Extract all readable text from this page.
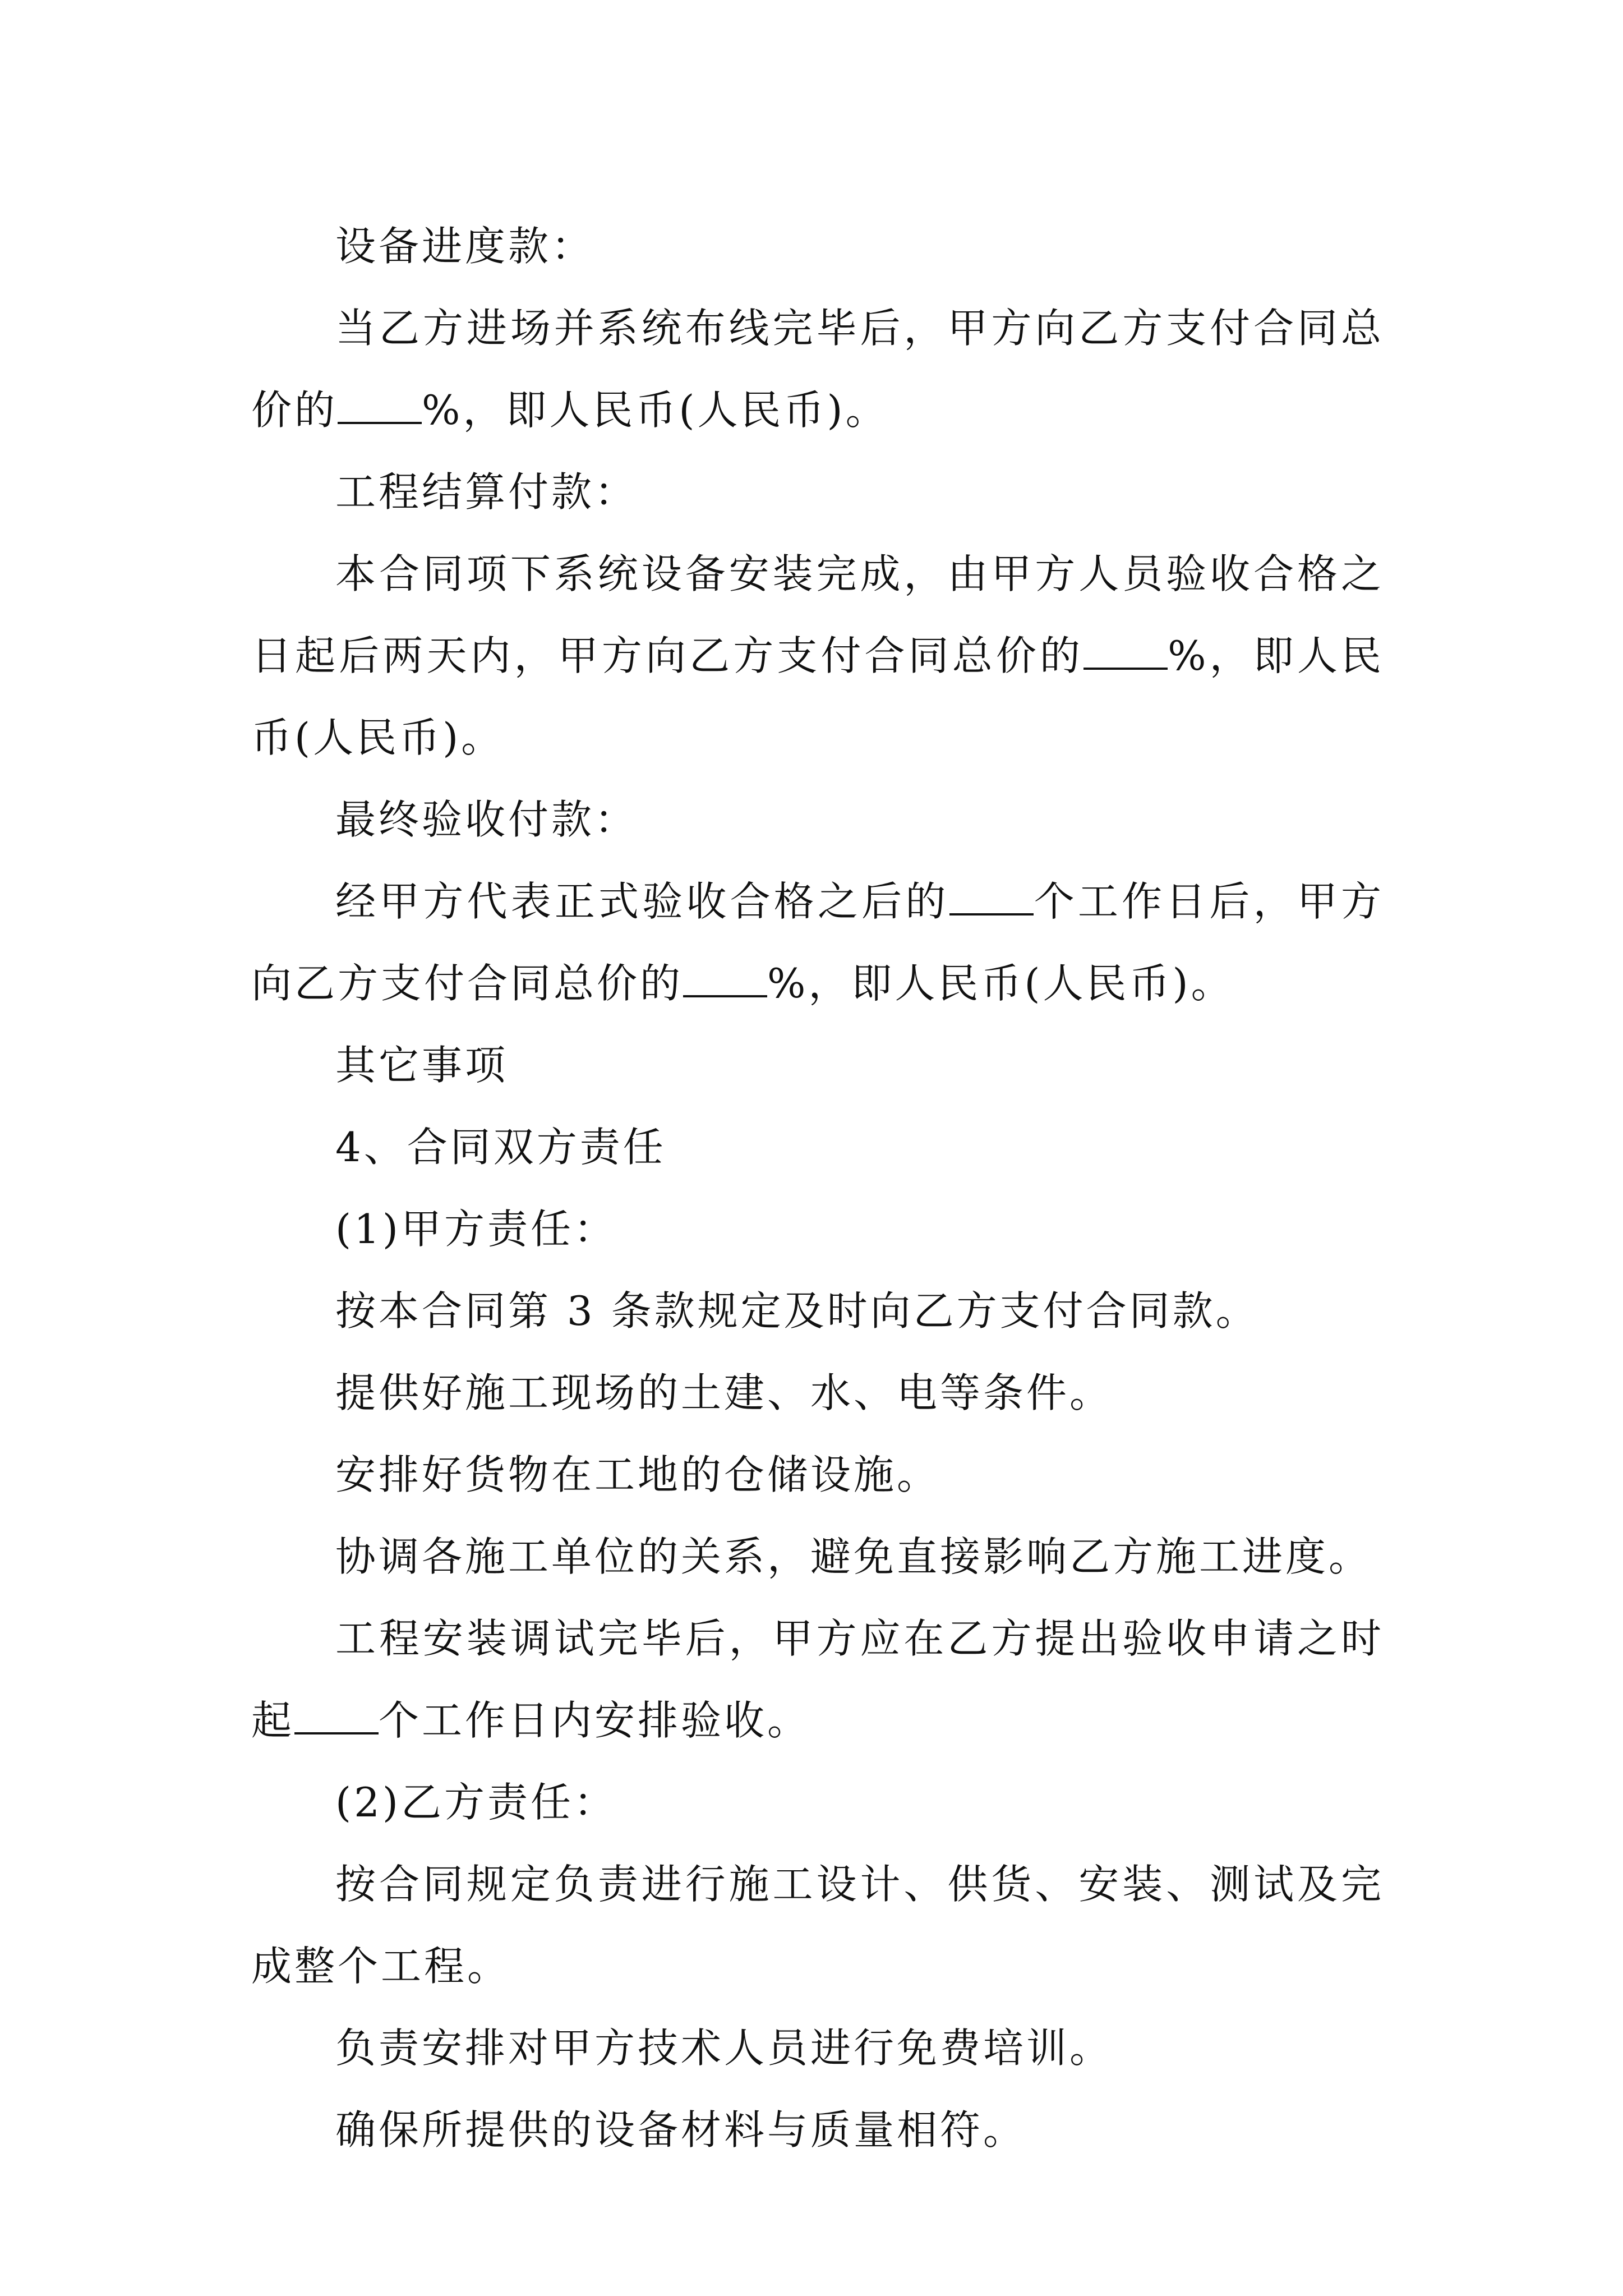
设备进度款：

当乙方进场并系统布线完毕后，甲方向乙方支付合同总价的 %，即人民币(人民币)。

工程结算付款：

本合同项下系统设备安装完成，由甲方人员验收合格之日起后两天内，甲方向乙方支付合同总价的 %，即人民币(人民币)。

最终验收付款：

经甲方代表正式验收合格之后的 个工作日后，甲方向乙方支付合同总价的 %，即人民币(人民币)。

其它事项

4、合同双方责任

(1)甲方责任：

按本合同第 3 条款规定及时向乙方支付合同款。

提供好施工现场的土建、水、电等条件。

安排好货物在工地的仓储设施。

协调各施工单位的关系，避免直接影响乙方施工进度。

工程安装调试完毕后，甲方应在乙方提出验收申请之时起 个工作日内安排验收。

(2)乙方责任：

按合同规定负责进行施工设计、供货、安装、测试及完成整个工程。

负责安排对甲方技术人员进行免费培训。

确保所提供的设备材料与质量相符。
